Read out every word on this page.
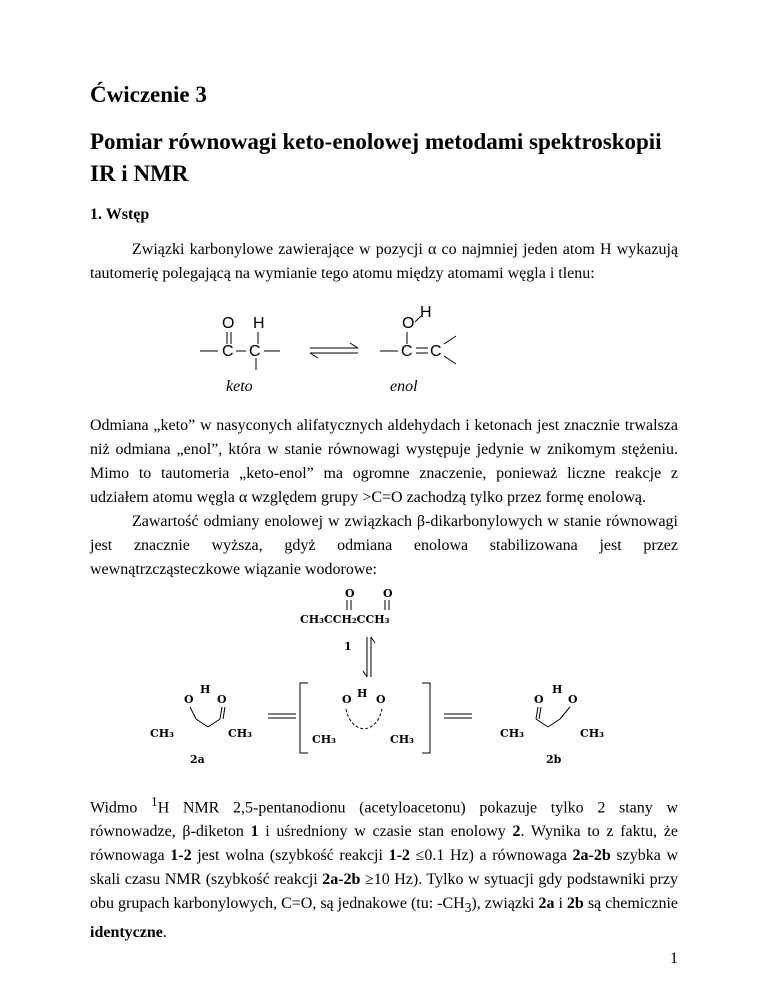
Ćwiczenie 3
Pomiar równowagi keto-enolowej metodami spektroskopii IR i NMR
1. Wstęp

Związki karbonylowe zawierające w pozycji α co najmniej jeden atom H wykazują tautomerię polegającą na wymianie tego atomu między atomami węgla i tlenu:

O H
C C
O
H
C C
keto	enol

Odmiana „keto” w nasyconych alifatycznych aldehydach i ketonach jest znacznie trwalsza niż odmiana „enol”, która w stanie równowagi występuje jedynie w znikomym stężeniu. Mimo to tautomeria „keto-enol” ma ogromne znaczenie, ponieważ liczne reakcje z udziałem atomu węgla α względem grupy >C=O zachodzą tylko przez formę enolową.

Zawartość odmiany enolowej w związkach β-dikarbonylowych w stanie równowagi jest znacznie wyższa, gdyż odmiana enolowa stabilizowana jest przez wewnątrzcząsteczkowe wiązanie wodorowe:

O	O
CH₃CCH₂CCH₃
1
O
H
O
CH₃	CH₃
2a
O H O
CH₃	CH₃
O
H
O
CH₃	CH₃
2b

Widmo $^1$H NMR 2,5-pentanodionu (acetyloacetonu) pokazuje tylko 2 stany w równowadze, β-diketon 1 i uśredniony w czasie stan enolowy 2. Wynika to z faktu, że równowaga 1-2 jest wolna (szybkość reakcji 1-2 ≤0.1 Hz) a równowaga 2a-2b szybka w skali czasu NMR (szybkość reakcji 2a-2b ≥10 Hz). Tylko w sytuacji gdy podstawniki przy obu grupach karbonylowych, C=O, są jednakowe (tu: $-CH_3$), związki 2a i 2b są chemicznie identyczne.

1
